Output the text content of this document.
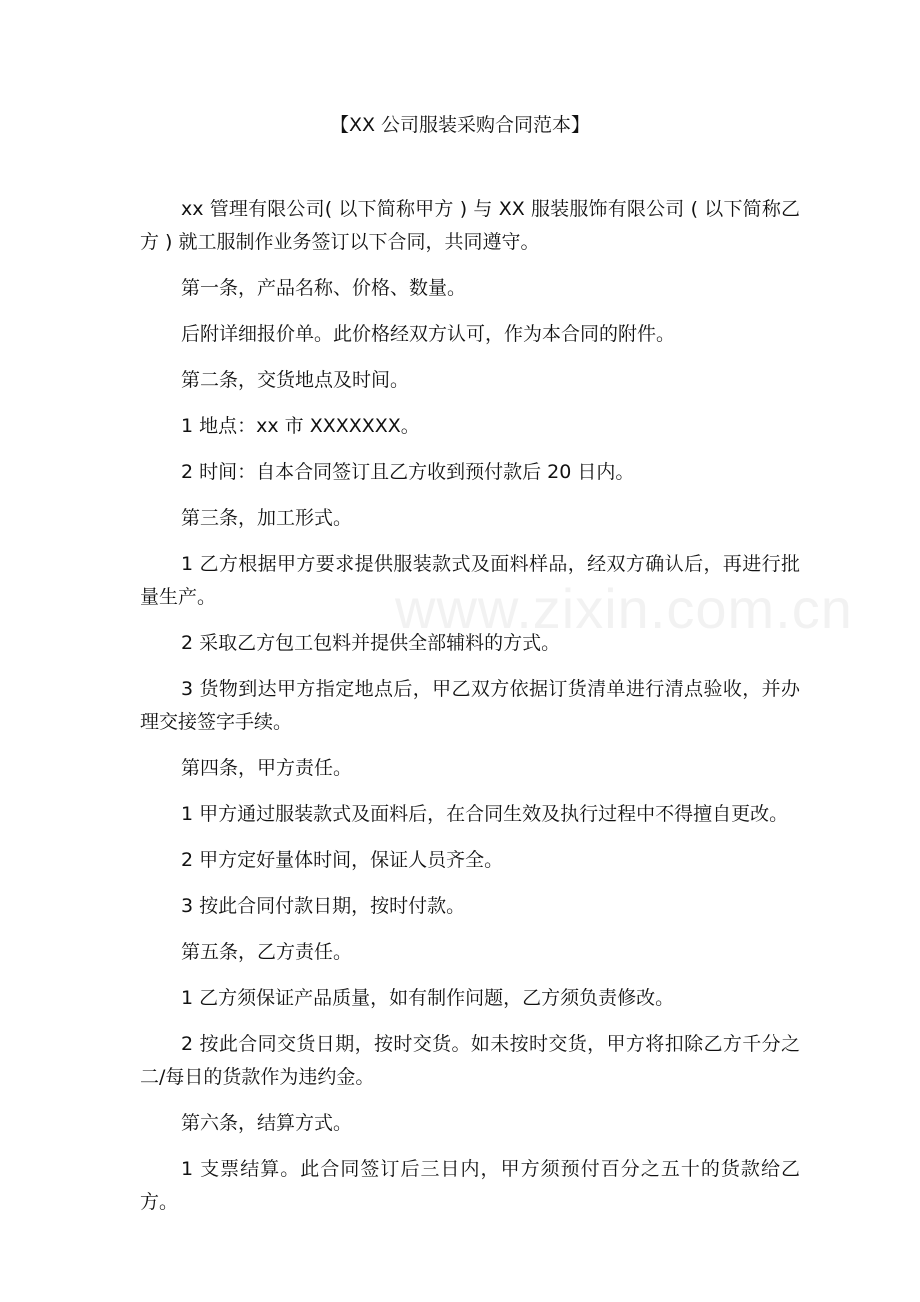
【XX 公司服装采购合同范本】

xx 管理有限公司( 以下简称甲方 ) 与 XX 服装服饰有限公司 ( 以下简称乙方 ) 就工服制作业务签订以下合同，共同遵守。

第一条，产品名称、价格、数量。

后附详细报价单。此价格经双方认可，作为本合同的附件。

第二条，交货地点及时间。

1 地点：xx 市 XXXXXXX。

2 时间：自本合同签订且乙方收到预付款后 20 日内。

第三条，加工形式。

1 乙方根据甲方要求提供服装款式及面料样品，经双方确认后，再进行批量生产。

2 采取乙方包工包料并提供全部辅料的方式。

3 货物到达甲方指定地点后，甲乙双方依据订货清单进行清点验收，并办理交接签字手续。

第四条，甲方责任。

1 甲方通过服装款式及面料后，在合同生效及执行过程中不得擅自更改。

2 甲方定好量体时间，保证人员齐全。

3 按此合同付款日期，按时付款。

第五条，乙方责任。

1 乙方须保证产品质量，如有制作问题，乙方须负责修改。

2 按此合同交货日期，按时交货。如未按时交货，甲方将扣除乙方千分之二/每日的货款作为违约金。

第六条，结算方式。

1 支票结算。此合同签订后三日内，甲方须预付百分之五十的货款给乙方。

www.zixin.com.cn
